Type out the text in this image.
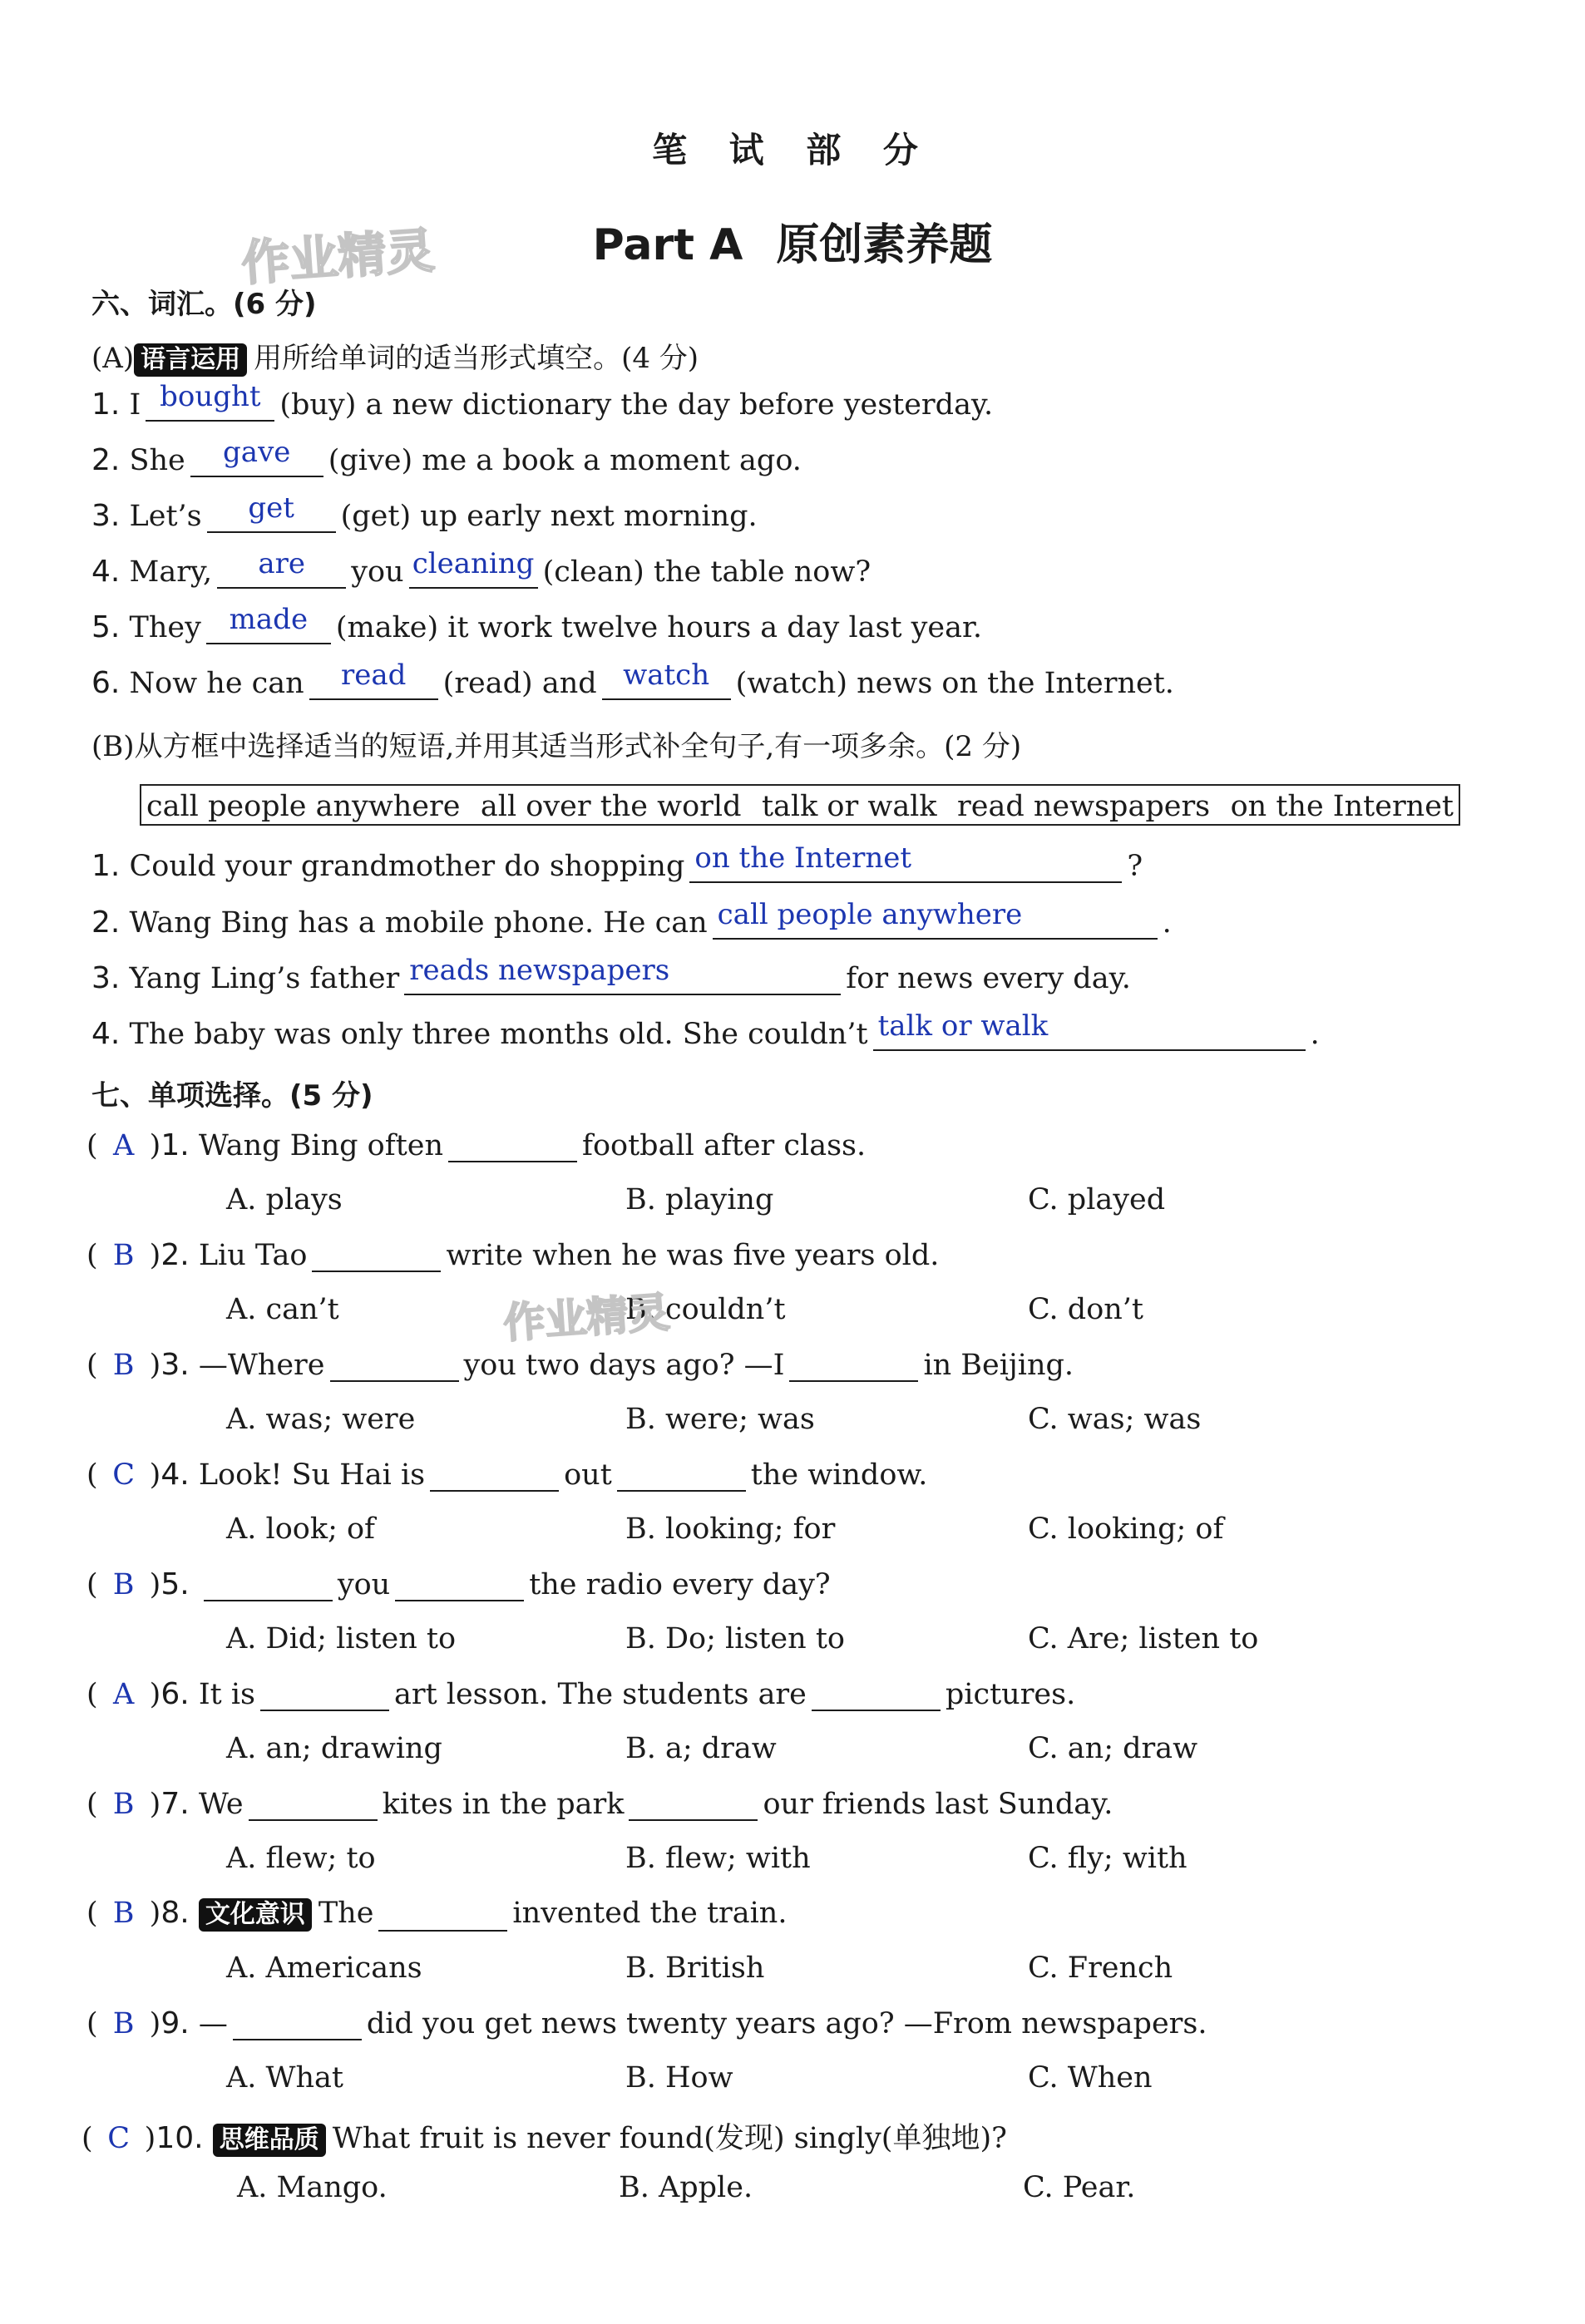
笔 试 部 分
Part A 原创素养题
作业精灵
六、词汇。(6 分)
(A) 语言运用 用所给单词的适当形式填空。(4 分)
1. I bought (buy) a new dictionary the day before yesterday.
2. She	gave	(give) me a book a moment ago.
3. Let’s	get	(get) up early next morning.
4. Mary,	are	you cleaning (clean) the table now?
5. They made (make) it work twelve hours a day last year.
6. Now he can	read	(read) and watch (watch) news on the Internet.
(B)从方框中选择适当的短语,并用其适当形式补全句子,有一项多余。(2 分)
call people anywhere all over the world talk or walk read newspapers on the Internet
1. Could your grandmother do shopping on the Internet	?
2. Wang Bing has a mobile phone. He can call people anywhere	.
3. Yang Ling’s father reads newspapers	for news every day.
4. The baby was only three months old. She couldn’t talk or walk	.
七、单项选择。(5 分)
( A )1. Wang Bing often	football after class.
A. plays	B. playing	C. played
( B )2. Liu Tao	write when he was five years old.
A. can’t	B. couldn’t	C. don’t
作业精灵
( B )3. —Where	you two days ago? —I	in Beijing.
A. was; were	B. were; was	C. was; was
( C )4. Look! Su Hai is	out	the window.
A. look; of	B. looking; for	C. looking; of
( B )5.	you	the radio every day?
A. Did; listen to	B. Do; listen to	C. Are; listen to
( A )6. It is	art lesson. The students are	pictures.
A. an; drawing	B. a; draw	C. an; draw
( B )7. We	kites in the park	our friends last Sunday.
A. flew; to	B. flew; with	C. fly; with
( B )8. 文化意识 The	invented the train.
A. Americans	B. British	C. French
( B )9. —	did you get news twenty years ago? —From newspapers.
A. What	B. How	C. When
( C )10. 思维品质 What fruit is never found(发现) singly(单独地)?
A. Mango.	B. Apple.	C. Pear.
